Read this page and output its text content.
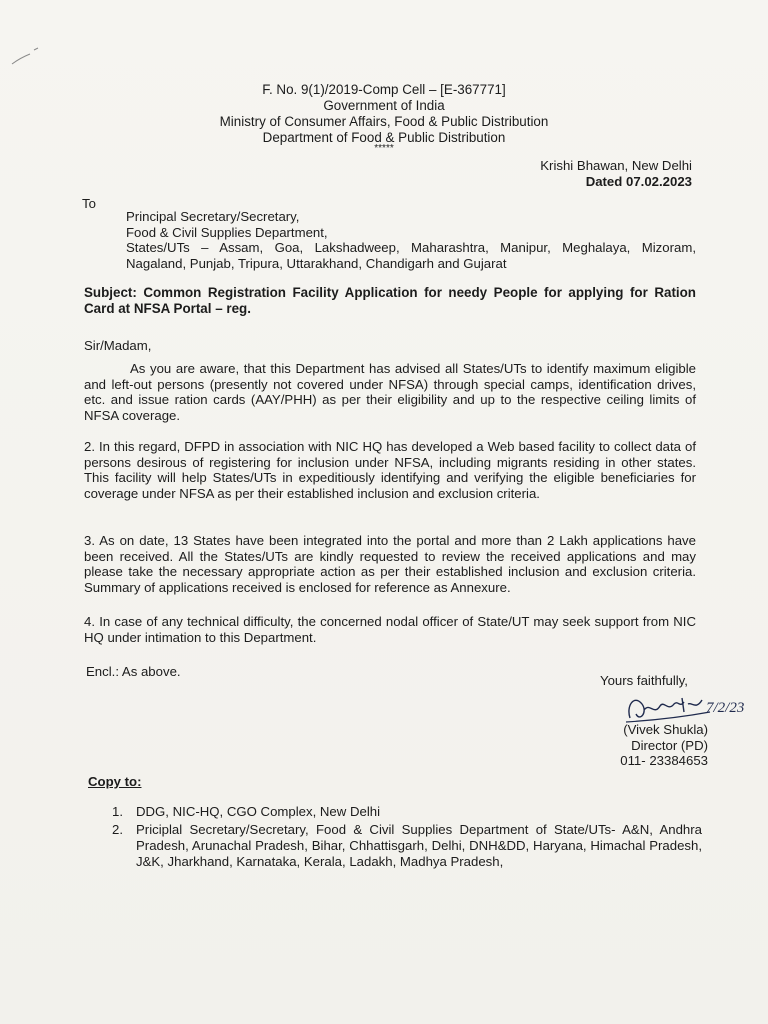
F. No. 9(1)/2019-Comp Cell – [E-367771]
Government of India
Ministry of Consumer Affairs, Food & Public Distribution
Department of Food & Public Distribution
*****
Krishi Bhawan, New Delhi
Dated 07.02.2023
To
Principal Secretary/Secretary,
Food & Civil Supplies Department,
States/UTs – Assam, Goa, Lakshadweep, Maharashtra, Manipur, Meghalaya, Mizoram, Nagaland, Punjab, Tripura, Uttarakhand, Chandigarh and Gujarat
Subject: Common Registration Facility Application for needy People for applying for Ration Card at NFSA Portal – reg.
Sir/Madam,
As you are aware, that this Department has advised all States/UTs to identify maximum eligible and left-out persons (presently not covered under NFSA) through special camps, identification drives, etc. and issue ration cards (AAY/PHH) as per their eligibility and up to the respective ceiling limits of NFSA coverage.
2. In this regard, DFPD in association with NIC HQ has developed a Web based facility to collect data of persons desirous of registering for inclusion under NFSA, including migrants residing in other states. This facility will help States/UTs in expeditiously identifying and verifying the eligible beneficiaries for coverage under NFSA as per their established inclusion and exclusion criteria.
3. As on date, 13 States have been integrated into the portal and more than 2 Lakh applications have been received. All the States/UTs are kindly requested to review the received applications and may please take the necessary appropriate action as per their established inclusion and exclusion criteria. Summary of applications received is enclosed for reference as Annexure.
4. In case of any technical difficulty, the concerned nodal officer of State/UT may seek support from NIC HQ under intimation to this Department.
Encl.: As above.
Yours faithfully,
7/2/23
(Vivek Shukla)
Director (PD)
011- 23384653
Copy to:
1. DDG, NIC-HQ, CGO Complex, New Delhi
2. Priciplal Secretary/Secretary, Food & Civil Supplies Department of State/UTs- A&N, Andhra Pradesh, Arunachal Pradesh, Bihar, Chhattisgarh, Delhi, DNH&DD, Haryana, Himachal Pradesh, J&K, Jharkhand, Karnataka, Kerala, Ladakh, Madhya Pradesh,
